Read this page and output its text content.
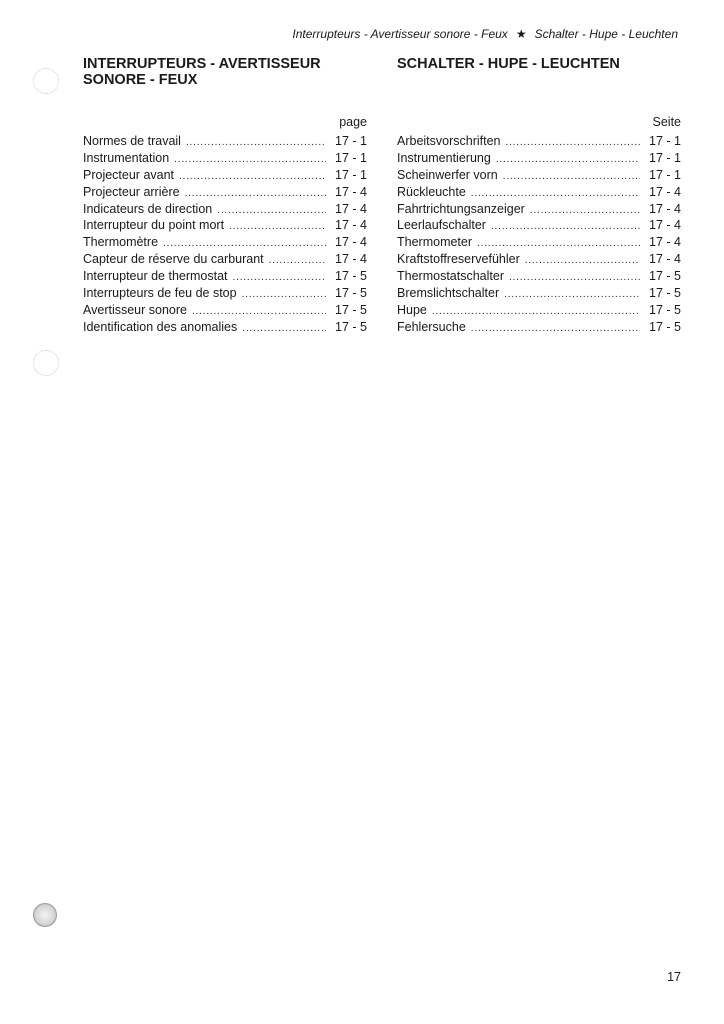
Interrupteurs - Avertisseur sonore - Feux ★ Schalter - Hupe - Leuchten
INTERRUPTEURS - AVERTISSEUR
SONORE - FEUX
page
Normes de travail .....	17 - 1
Instrumentation .....	17 - 1
Projecteur avant .....	17 - 1
Projecteur arrière .....	17 - 4
Indicateurs de direction .....	17 - 4
Interrupteur du point mort .....	17 - 4
Thermomètre .....	17 - 4
Capteur de réserve du carburant .....	17 - 4
Interrupteur de thermostat .....	17 - 5
Interrupteurs de feu de stop .....	17 - 5
Avertisseur sonore .....	17 - 5
Identification des anomalies .....	17 - 5
SCHALTER - HUPE - LEUCHTEN
Seite
Arbeitsvorschriften .....	17 - 1
Instrumentierung .....	17 - 1
Scheinwerfer vorn .....	17 - 1
Rückleuchte .....	17 - 4
Fahrtrichtungsanzeiger .....	17 - 4
Leerlaufschalter .....	17 - 4
Thermometer .....	17 - 4
Kraftstoffreservefühler .....	17 - 4
Thermostatschalter .....	17 - 5
Bremslichtschalter .....	17 - 5
Hupe .....	17 - 5
Fehlersuche .....	17 - 5
17
